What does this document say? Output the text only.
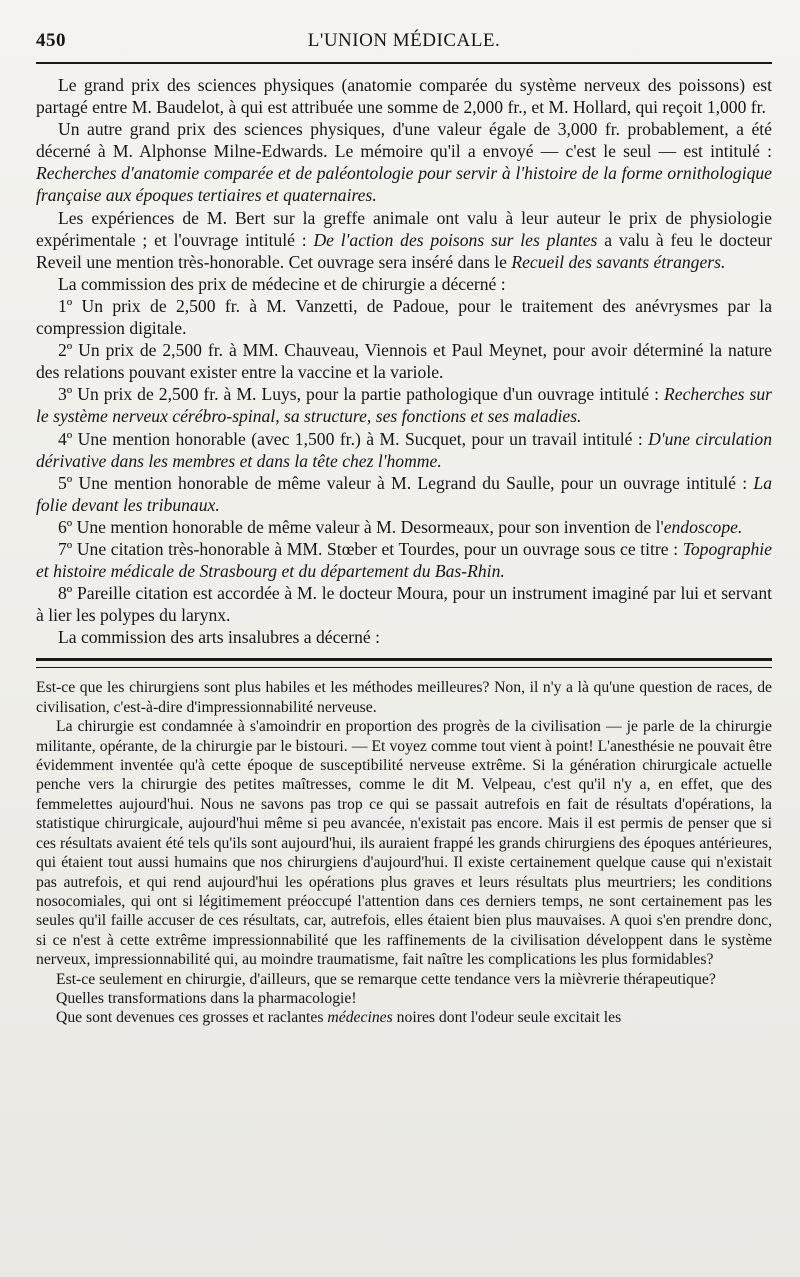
450	L'UNION MÉDICALE.

Le grand prix des sciences physiques (anatomie comparée du système nerveux des poissons) est partagé entre M. Baudelot, à qui est attribuée une somme de 2,000 fr., et M. Hollard, qui reçoit 1,000 fr.

Un autre grand prix des sciences physiques, d'une valeur égale de 3,000 fr. probablement, a été décerné à M. Alphonse Milne-Edwards. Le mémoire qu'il a envoyé — c'est le seul — est intitulé : Recherches d'anatomie comparée et de paléontologie pour servir à l'histoire de la forme ornithologique française aux époques tertiaires et quaternaires.

Les expériences de M. Bert sur la greffe animale ont valu à leur auteur le prix de physiologie expérimentale ; et l'ouvrage intitulé : De l'action des poisons sur les plantes a valu à feu le docteur Reveil une mention très-honorable. Cet ouvrage sera inséré dans le Recueil des savants étrangers.

La commission des prix de médecine et de chirurgie a décerné :

1º Un prix de 2,500 fr. à M. Vanzetti, de Padoue, pour le traitement des anévrysmes par la compression digitale.

2º Un prix de 2,500 fr. à MM. Chauveau, Viennois et Paul Meynet, pour avoir déterminé la nature des relations pouvant exister entre la vaccine et la variole.

3º Un prix de 2,500 fr. à M. Luys, pour la partie pathologique d'un ouvrage intitulé : Recherches sur le système nerveux cérébro-spinal, sa structure, ses fonctions et ses maladies.

4º Une mention honorable (avec 1,500 fr.) à M. Sucquet, pour un travail intitulé : D'une circulation dérivative dans les membres et dans la tête chez l'homme.

5º Une mention honorable de même valeur à M. Legrand du Saulle, pour un ouvrage intitulé : La folie devant les tribunaux.

6º Une mention honorable de même valeur à M. Desormeaux, pour son invention de l'endoscope.

7º Une citation très-honorable à MM. Stœber et Tourdes, pour un ouvrage sous ce titre : Topographie et histoire médicale de Strasbourg et du département du Bas-Rhin.

8º Pareille citation est accordée à M. le docteur Moura, pour un instrument imaginé par lui et servant à lier les polypes du larynx.

La commission des arts insalubres a décerné :

Est-ce que les chirurgiens sont plus habiles et les méthodes meilleures? Non, il n'y a là qu'une question de races, de civilisation, c'est-à-dire d'impressionnabilité nerveuse.

La chirurgie est condamnée à s'amoindrir en proportion des progrès de la civilisation — je parle de la chirurgie militante, opérante, de la chirurgie par le bistouri. — Et voyez comme tout vient à point! L'anesthésie ne pouvait être évidemment inventée qu'à cette époque de susceptibilité nerveuse extrême. Si la génération chirurgicale actuelle penche vers la chirurgie des petites maîtresses, comme le dit M. Velpeau, c'est qu'il n'y a, en effet, que des femmelettes aujourd'hui. Nous ne savons pas trop ce qui se passait autrefois en fait de résultats d'opérations, la statistique chirurgicale, aujourd'hui même si peu avancée, n'existait pas encore. Mais il est permis de penser que si ces résultats avaient été tels qu'ils sont aujourd'hui, ils auraient frappé les grands chirurgiens des époques antérieures, qui étaient tout aussi humains que nos chirurgiens d'aujourd'hui. Il existe certainement quelque cause qui n'existait pas autrefois, et qui rend aujourd'hui les opérations plus graves et leurs résultats plus meurtriers; les conditions nosocomiales, qui ont si légitimement préoccupé l'attention dans ces derniers temps, ne sont certainement pas les seules qu'il faille accuser de ces résultats, car, autrefois, elles étaient bien plus mauvaises. A quoi s'en prendre donc, si ce n'est à cette extrême impressionnabilité que les raffinements de la civilisation développent dans le système nerveux, impressionnabilité qui, au moindre traumatisme, fait naître les complications les plus formidables?

Est-ce seulement en chirurgie, d'ailleurs, que se remarque cette tendance vers la mièvrerie thérapeutique?

Quelles transformations dans la pharmacologie!

Que sont devenues ces grosses et raclantes médecines noires dont l'odeur seule excitait les
